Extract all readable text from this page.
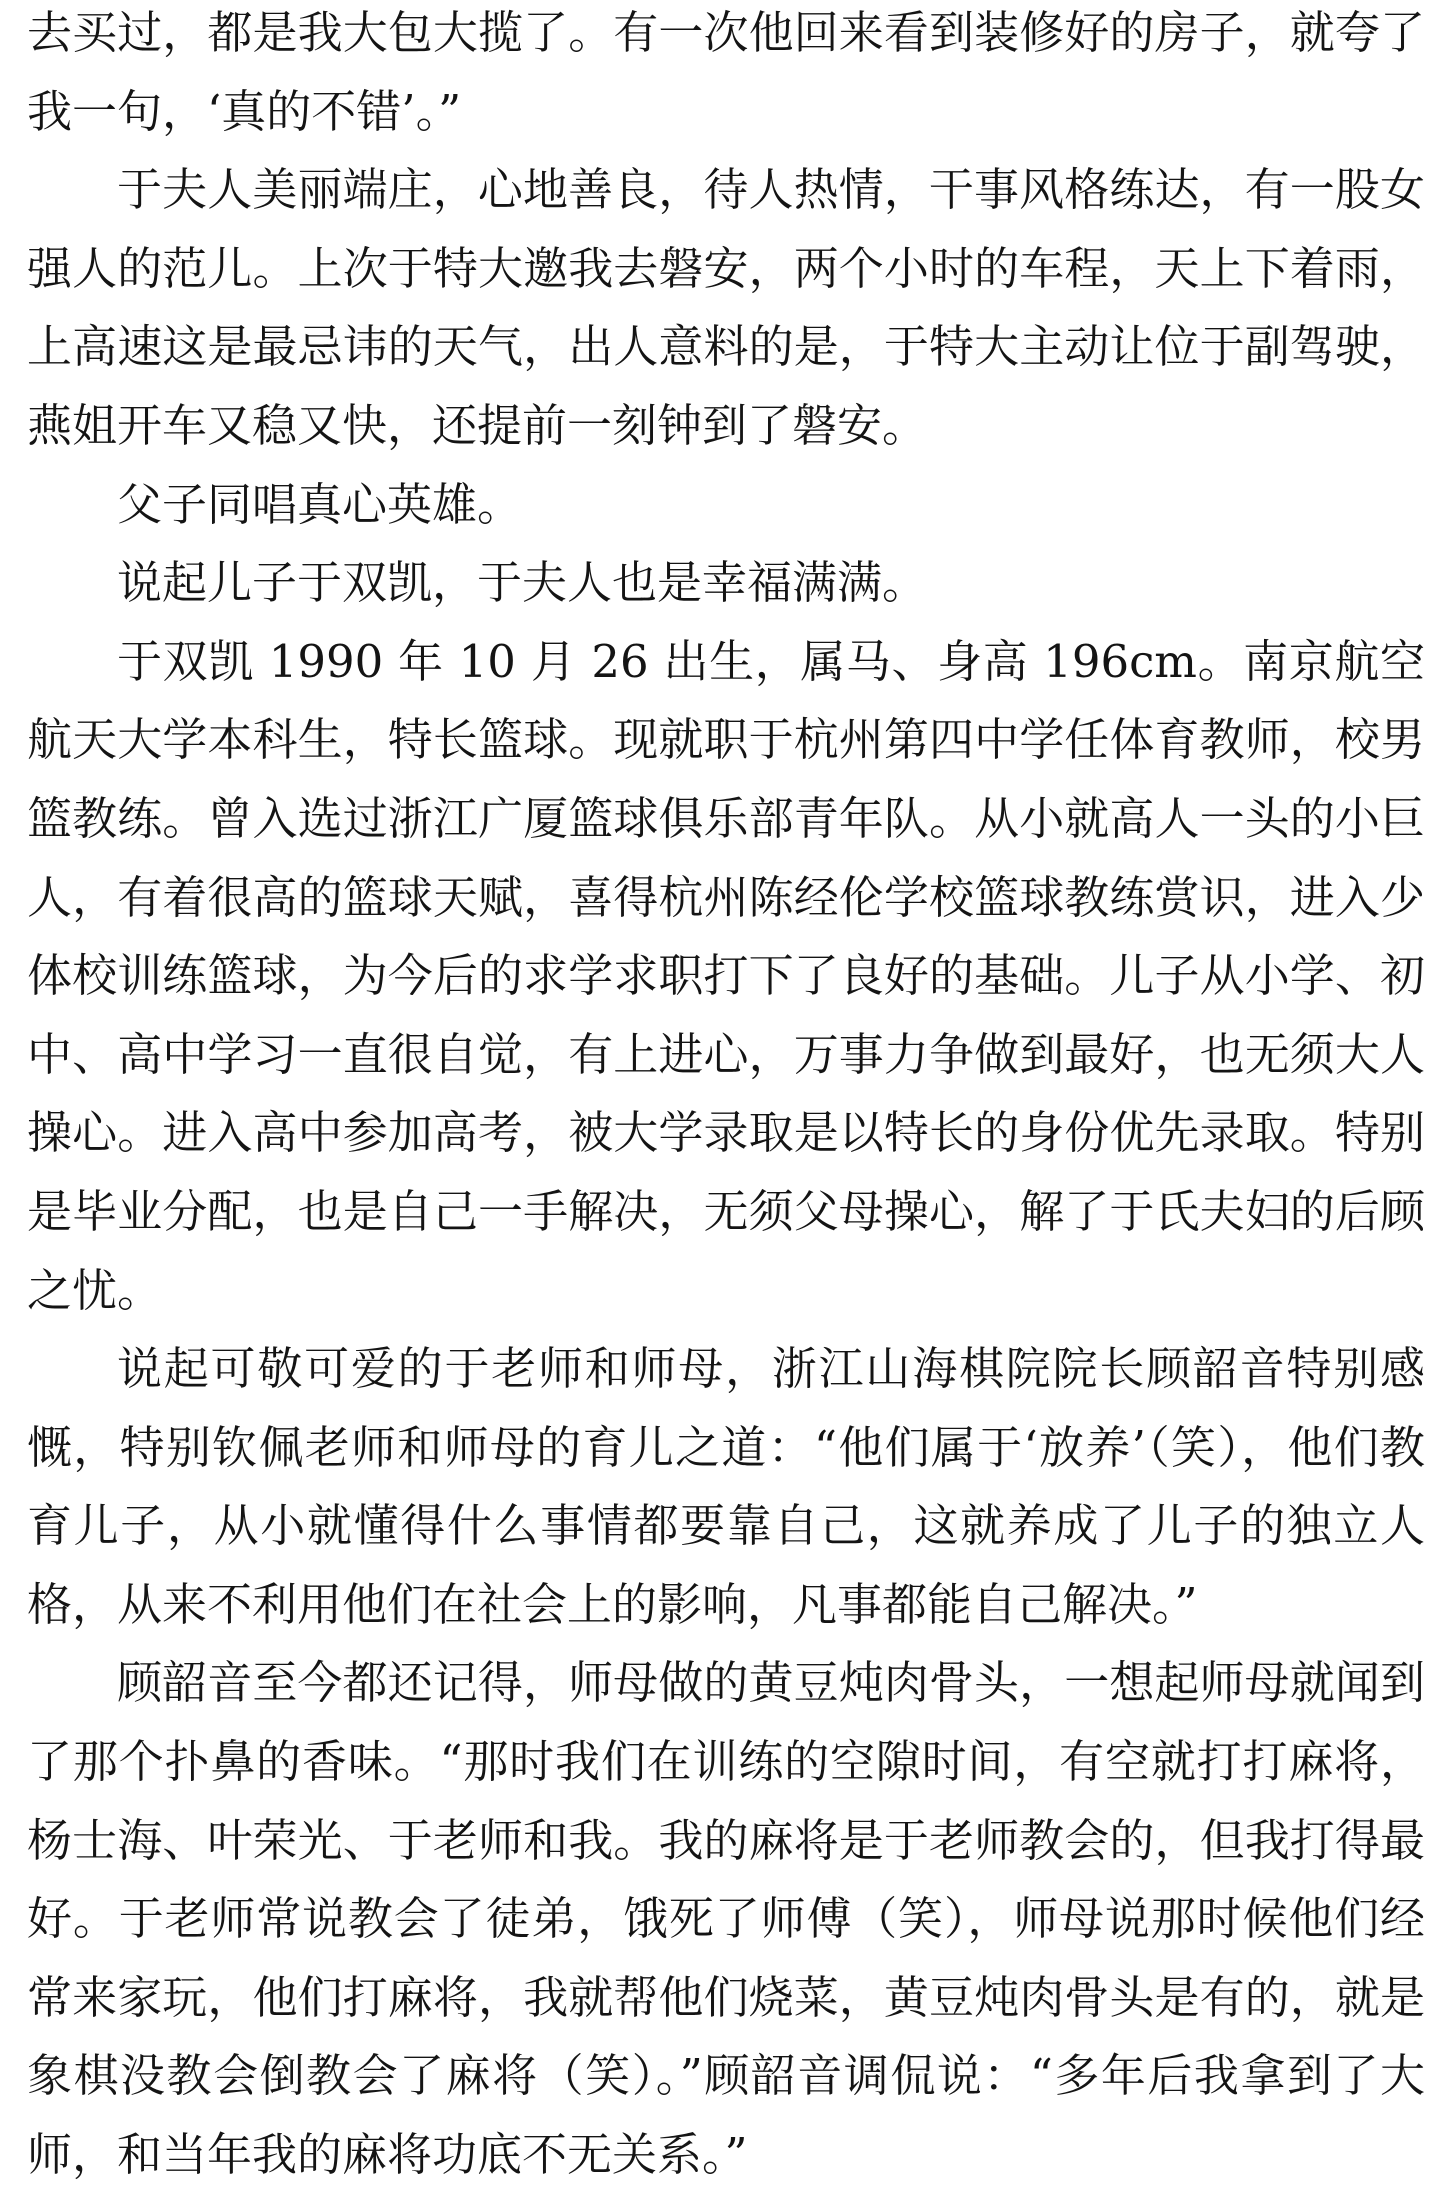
去买过，都是我大包大揽了。有一次他回来看到装修好的房子，就夸了我一句，‘真的不错’。”

于夫人美丽端庄，心地善良，待人热情，干事风格练达，有一股女强人的范儿。上次于特大邀我去磐安，两个小时的车程，天上下着雨，上高速这是最忌讳的天气，出人意料的是，于特大主动让位于副驾驶，燕姐开车又稳又快，还提前一刻钟到了磐安。

父子同唱真心英雄。

说起儿子于双凯，于夫人也是幸福满满。

于双凯 1990 年 10 月 26 出生，属马、身高 196cm。南京航空航天大学本科生，特长篮球。现就职于杭州第四中学任体育教师，校男篮教练。曾入选过浙江广厦篮球俱乐部青年队。从小就高人一头的小巨人，有着很高的篮球天赋，喜得杭州陈经伦学校篮球教练赏识，进入少体校训练篮球，为今后的求学求职打下了良好的基础。儿子从小学、初中、高中学习一直很自觉，有上进心，万事力争做到最好，也无须大人操心。进入高中参加高考，被大学录取是以特长的身份优先录取。特别是毕业分配，也是自己一手解决，无须父母操心，解了于氏夫妇的后顾之忧。

说起可敬可爱的于老师和师母，浙江山海棋院院长顾韶音特别感慨，特别钦佩老师和师母的育儿之道：“他们属于‘放养’（笑），他们教育儿子，从小就懂得什么事情都要靠自己，这就养成了儿子的独立人格，从来不利用他们在社会上的影响，凡事都能自己解决。”

顾韶音至今都还记得，师母做的黄豆炖肉骨头，一想起师母就闻到了那个扑鼻的香味。“那时我们在训练的空隙时间，有空就打打麻将，杨士海、叶荣光、于老师和我。我的麻将是于老师教会的，但我打得最好。于老师常说教会了徒弟，饿死了师傅（笑），师母说那时候他们经常来家玩，他们打麻将，我就帮他们烧菜，黄豆炖肉骨头是有的，就是象棋没教会倒教会了麻将（笑）。”顾韶音调侃说：“多年后我拿到了大师，和当年我的麻将功底不无关系。”
